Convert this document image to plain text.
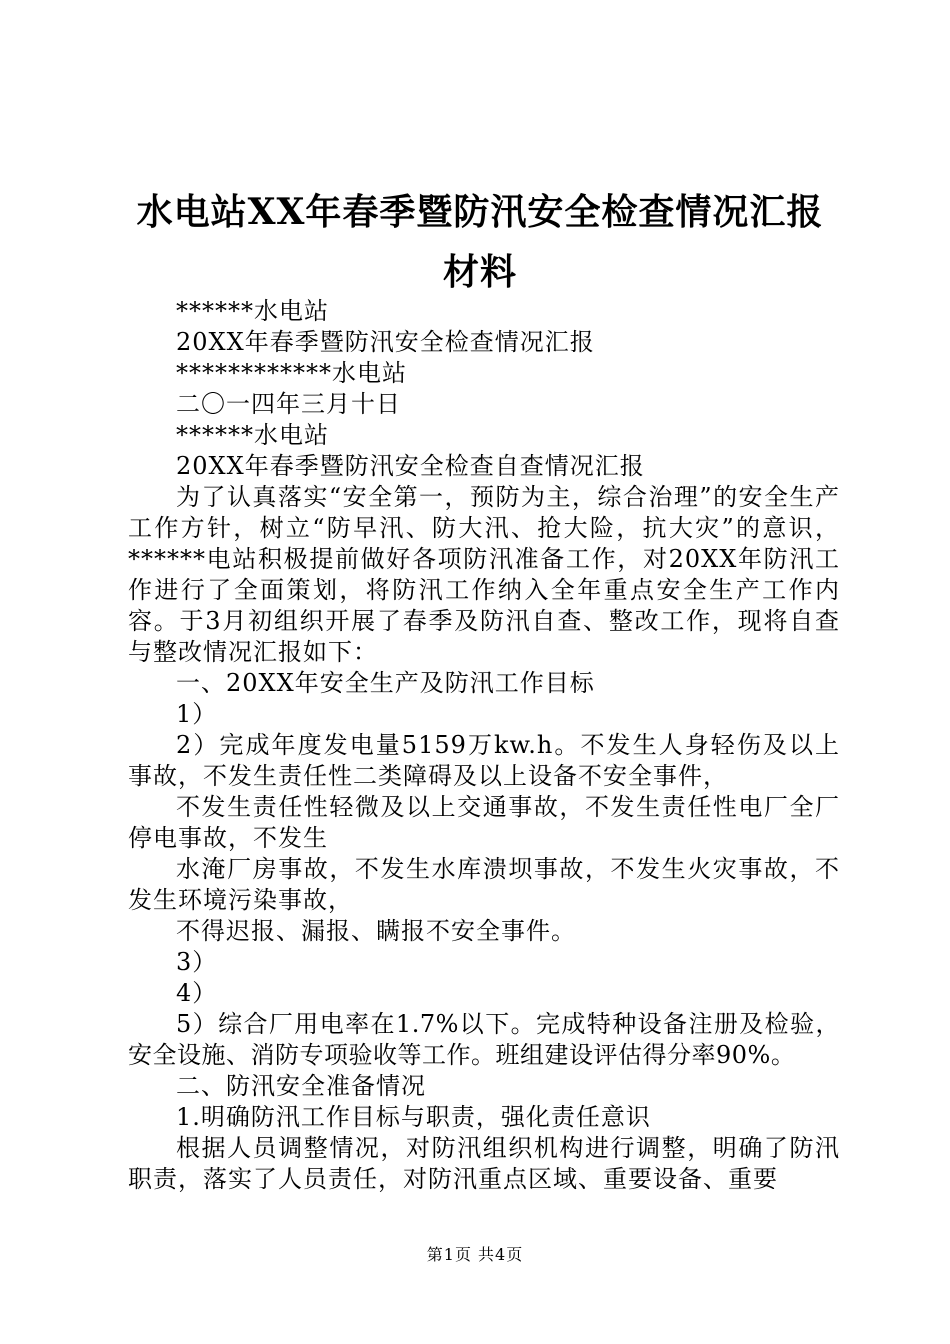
水电站XX年春季暨防汛安全检查情况汇报材料

******水电站

20XX年春季暨防汛安全检查情况汇报

************水电站

二〇一四年三月十日

******水电站

20XX年春季暨防汛安全检查自查情况汇报

为了认真落实“安全第一，预防为主，综合治理”的安全生产工作方针，树立“防早汛、防大汛、抢大险，抗大灾”的意识，******电站积极提前做好各项防汛准备工作，对20XX年防汛工作进行了全面策划，将防汛工作纳入全年重点安全生产工作内容。于3月初组织开展了春季及防汛自查、整改工作，现将自查与整改情况汇报如下：

一、20XX年安全生产及防汛工作目标

1）

2）完成年度发电量5159万kw.h。不发生人身轻伤及以上事故，不发生责任性二类障碍及以上设备不安全事件，

不发生责任性轻微及以上交通事故，不发生责任性电厂全厂停电事故，不发生

水淹厂房事故，不发生水库溃坝事故，不发生火灾事故，不发生环境污染事故，

不得迟报、漏报、瞒报不安全事件。

3）

4）

5）综合厂用电率在1.7%以下。完成特种设备注册及检验，安全设施、消防专项验收等工作。班组建设评估得分率90%。

二、防汛安全准备情况

1.明确防汛工作目标与职责，强化责任意识

根据人员调整情况，对防汛组织机构进行调整，明确了防汛职责，落实了人员责任，对防汛重点区域、重要设备、重要

第1页 共4页
